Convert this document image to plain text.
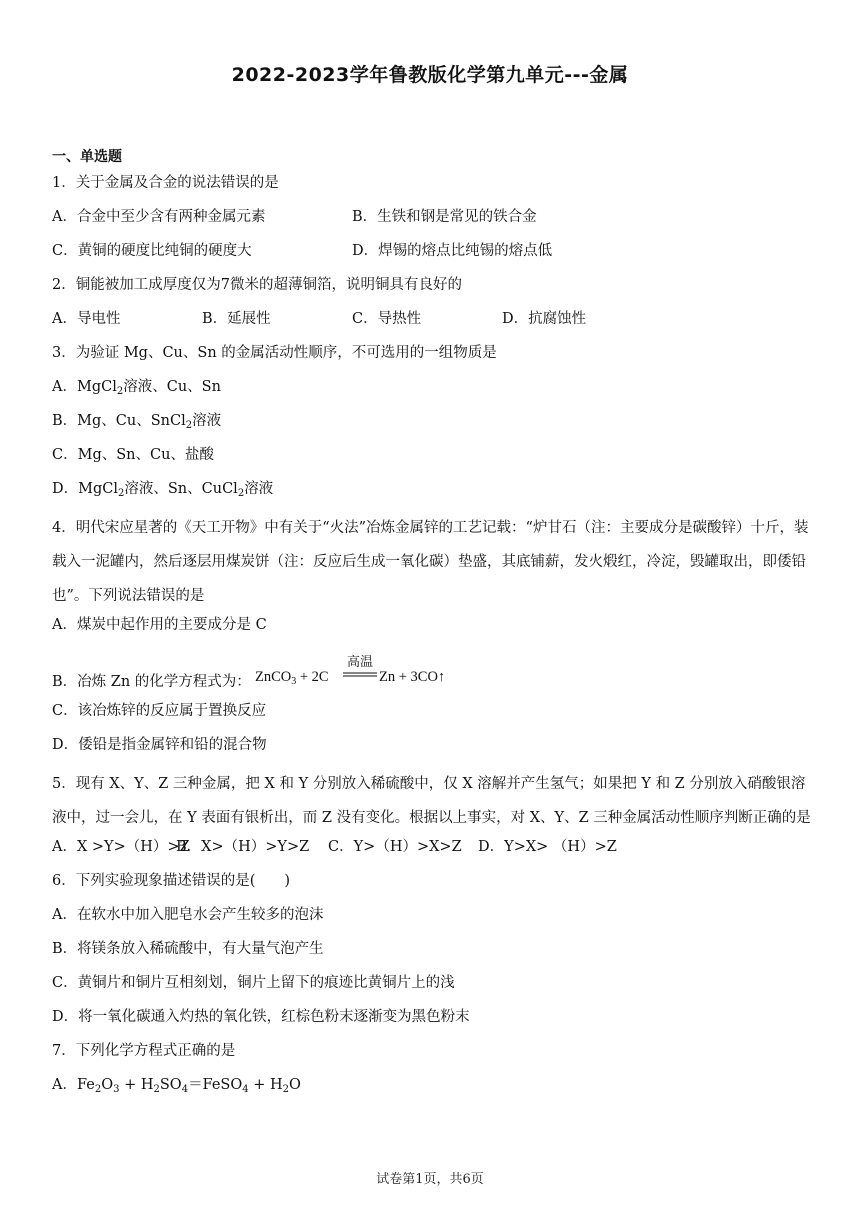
2022-2023学年鲁教版化学第九单元---金属
一、单选题
1．关于金属及合金的说法错误的是
A．合金中至少含有两种金属元素	B．生铁和钢是常见的铁合金
C．黄铜的硬度比纯铜的硬度大	D．焊锡的熔点比纯锡的熔点低
2．铜能被加工成厚度仅为7微米的超薄铜箔，说明铜具有良好的
A．导电性	B．延展性	C．导热性	D．抗腐蚀性
3．为验证 Mg、Cu、Sn 的金属活动性顺序，不可选用的一组物质是
A．MgCl$_2$溶液、Cu、Sn
B．Mg、Cu、SnCl$_2$溶液
C．Mg、Sn、Cu、盐酸
D．MgCl$_2$溶液、Sn、CuCl$_2$溶液
4．明代宋应星著的《天工开物》中有关于“火法”冶炼金属锌的工艺记载：“炉甘石（注：主要成分是碳酸锌）十斤，装载入一泥罐内，然后逐层用煤炭饼（注：反应后生成一氧化碳）垫盛，其底铺薪，发火煅红，冷淀，毁罐取出，即倭铅也”。下列说法错误的是
A．煤炭中起作用的主要成分是 C
B．冶炼 Zn 的化学方程式为： ZnCO$_3$ + 2C
高温
Zn + 3CO↑
C．该冶炼锌的反应属于置换反应
D．倭铅是指金属锌和铅的混合物
5．现有 X、Y、Z 三种金属，把 X 和 Y 分别放入稀硫酸中，仅 X 溶解并产生氢气；如果把 Y 和 Z 分别放入硝酸银溶液中，过一会儿，在 Y 表面有银析出，而 Z 没有变化。根据以上事实，对 X、Y、Z 三种金属活动性顺序判断正确的是
A．X >Y>（H）>Z
B．X>（H）>Y>Z	C．Y>（H）>X>Z	D．Y>X> （H）>Z
6．下列实验现象描述错误的是(　　)
A．在软水中加入肥皂水会产生较多的泡沫
B．将镁条放入稀硫酸中，有大量气泡产生
C．黄铜片和铜片互相刻划，铜片上留下的痕迹比黄铜片上的浅
D．将一氧化碳通入灼热的氧化铁，红棕色粉末逐渐变为黑色粉末
7．下列化学方程式正确的是
A．$Fe_2O_3$ + $H_2SO_4=FeSO_4 + H_2O$
试卷第1页，共6页
